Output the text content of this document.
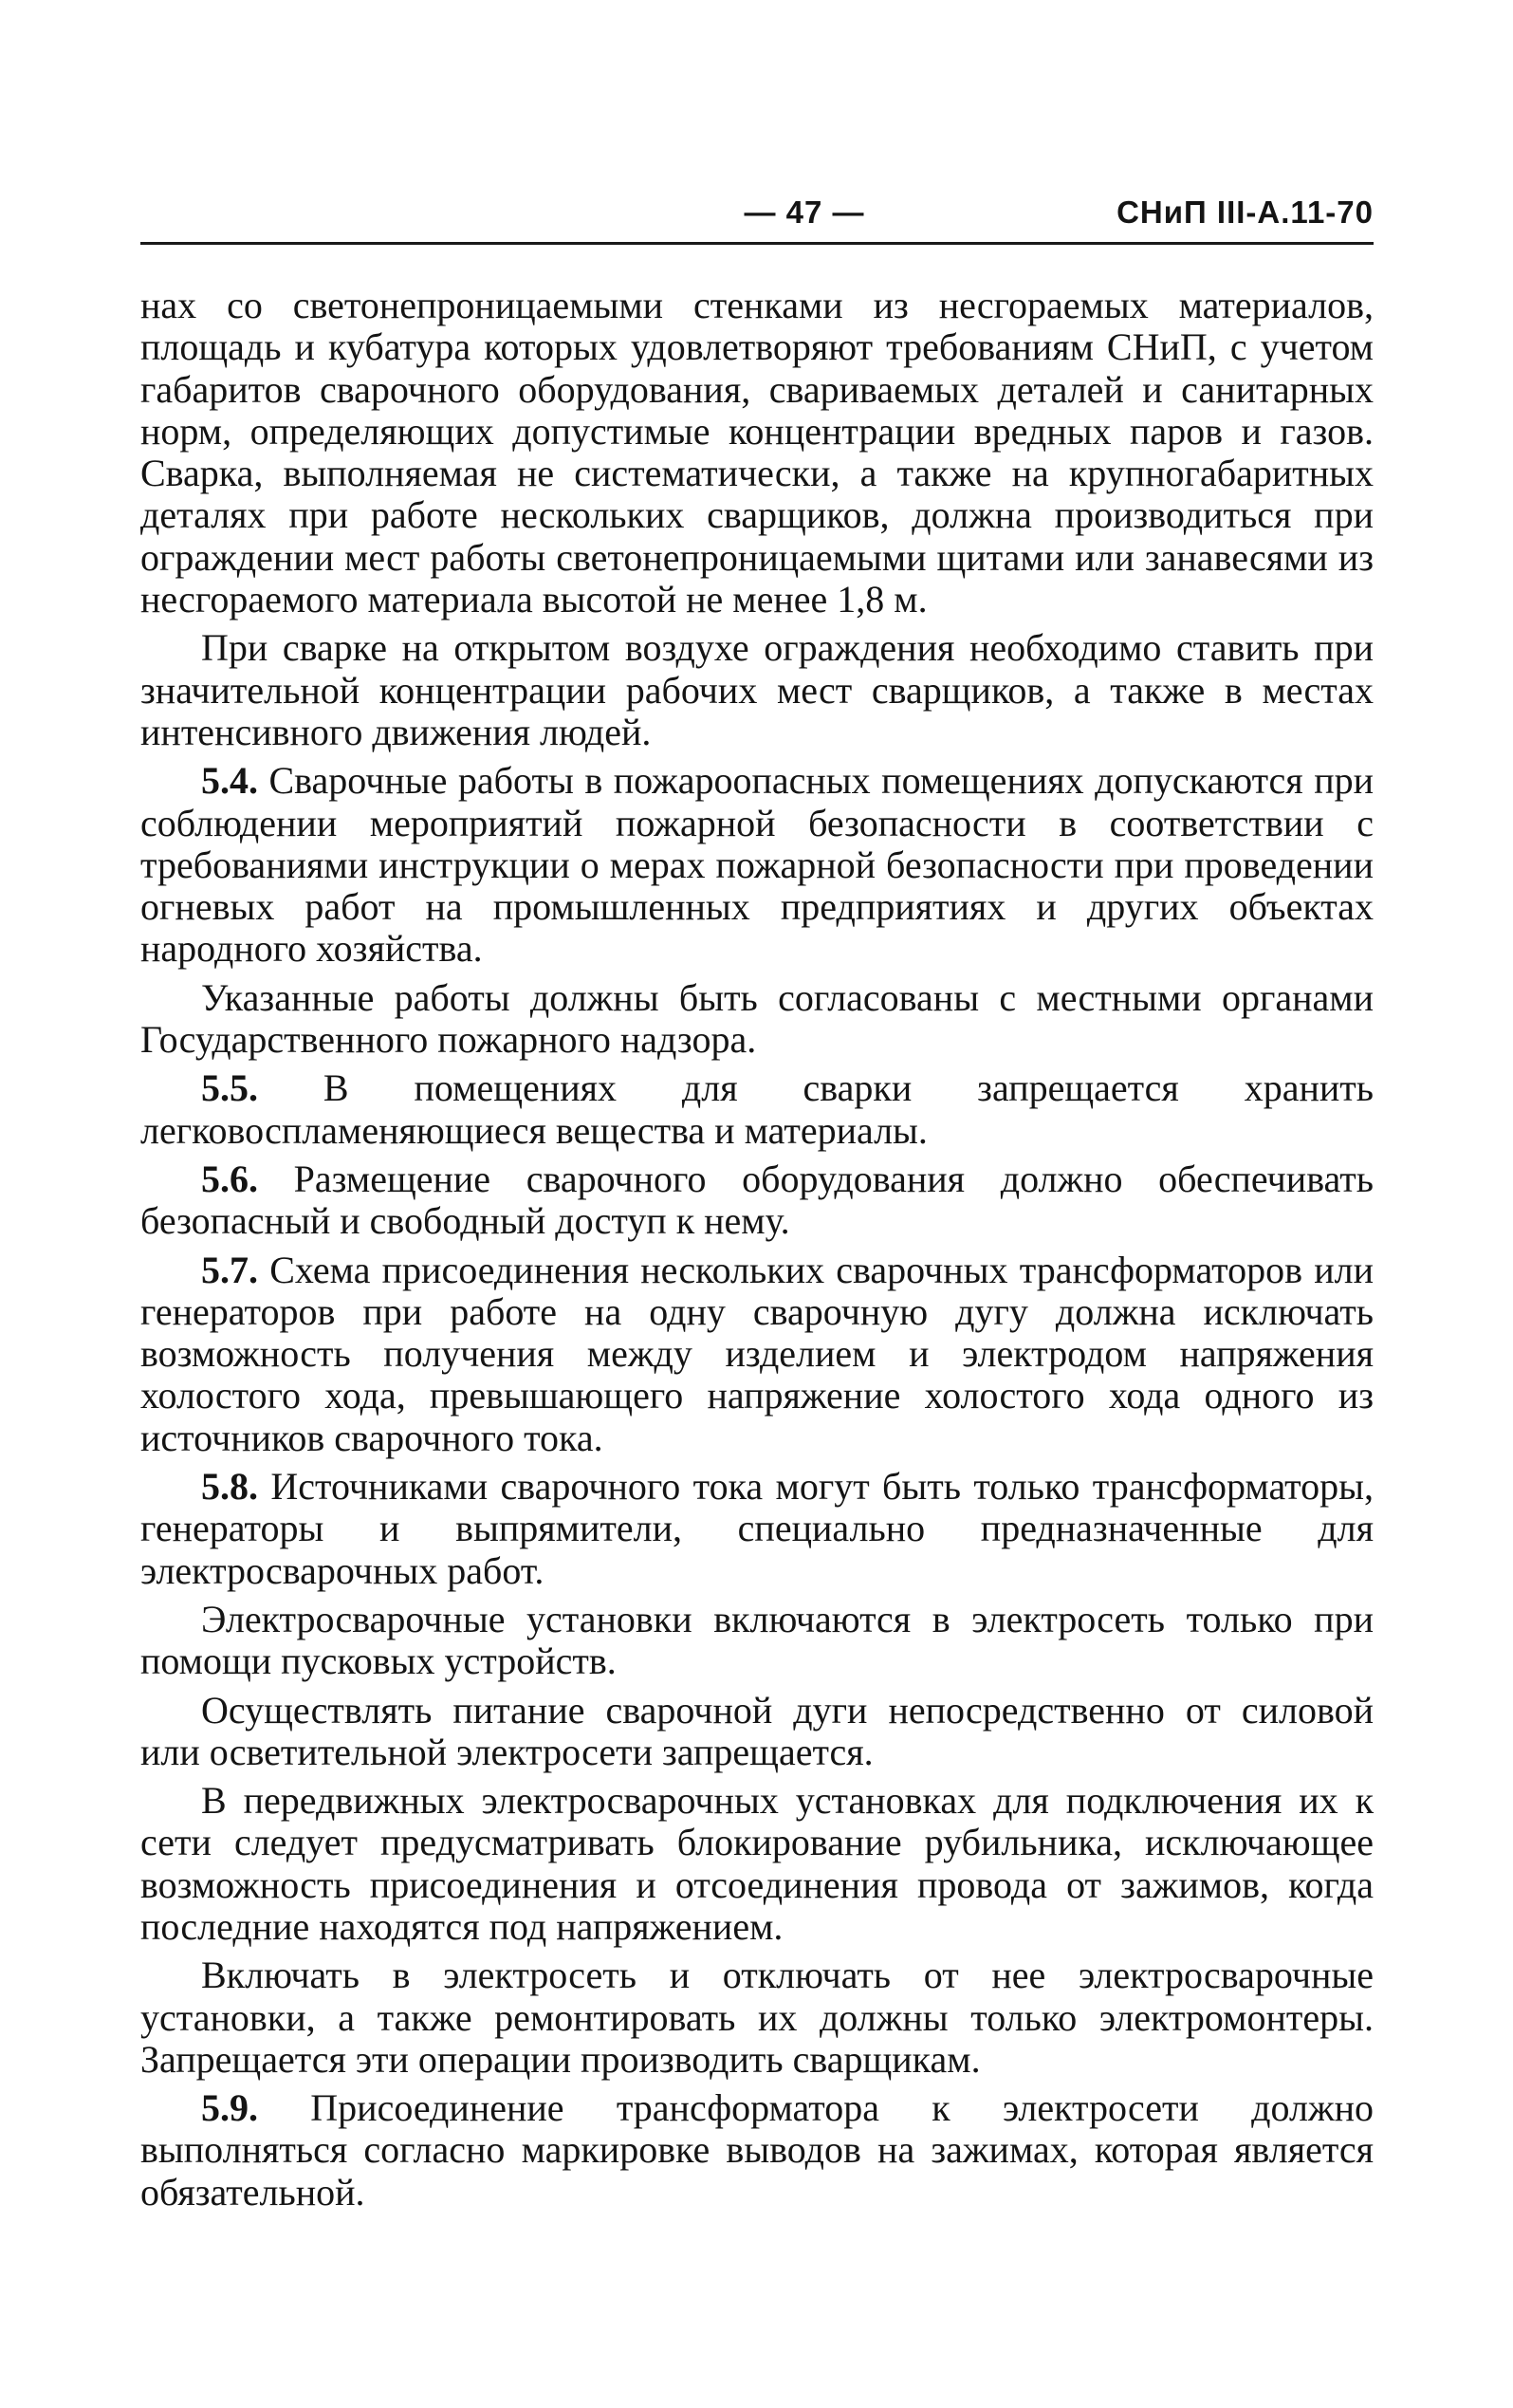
— 47 —	СНиП III-А.11-70

нах со светонепроницаемыми стенками из несгораемых материалов, площадь и кубатура которых удовлетворяют требованиям СНиП, с учетом габаритов сварочного оборудования, свариваемых деталей и санитарных норм, определяющих допустимые концентрации вредных паров и газов. Сварка, выполняемая не систематически, а также на крупногабаритных деталях при работе нескольких сварщиков, должна производиться при ограждении мест работы светонепроницаемыми щитами или занавесями из несгораемого материала высотой не менее 1,8 м.

При сварке на открытом воздухе ограждения необходимо ставить при значительной концентрации рабочих мест сварщиков, а также в местах интенсивного движения людей.

5.4. Сварочные работы в пожароопасных помещениях допускаются при соблюдении мероприятий пожарной безопасности в соответствии с требованиями инструкции о мерах пожарной безопасности при проведении огневых работ на промышленных предприятиях и других объектах народного хозяйства.

Указанные работы должны быть согласованы с местными органами Государственного пожарного надзора.

5.5. В помещениях для сварки запрещается хранить легковоспламеняющиеся вещества и материалы.

5.6. Размещение сварочного оборудования должно обеспечивать безопасный и свободный доступ к нему.

5.7. Схема присоединения нескольких сварочных трансформаторов или генераторов при работе на одну сварочную дугу должна исключать возможность получения между изделием и электродом напряжения холостого хода, превышающего напряжение холостого хода одного из источников сварочного тока.

5.8. Источниками сварочного тока могут быть только трансформаторы, генераторы и выпрямители, специально предназначенные для электросварочных работ.

Электросварочные установки включаются в электросеть только при помощи пусковых устройств.

Осуществлять питание сварочной дуги непосредственно от силовой или осветительной электросети запрещается.

В передвижных электросварочных установках для подключения их к сети следует предусматривать блокирование рубильника, исключающее возможность присоединения и отсоединения провода от зажимов, когда последние находятся под напряжением.

Включать в электросеть и отключать от нее электросварочные установки, а также ремонтировать их должны только электромонтеры. Запрещается эти операции производить сварщикам.

5.9. Присоединение трансформатора к электросети должно выполняться согласно маркировке выводов на зажимах, которая является обязательной.
